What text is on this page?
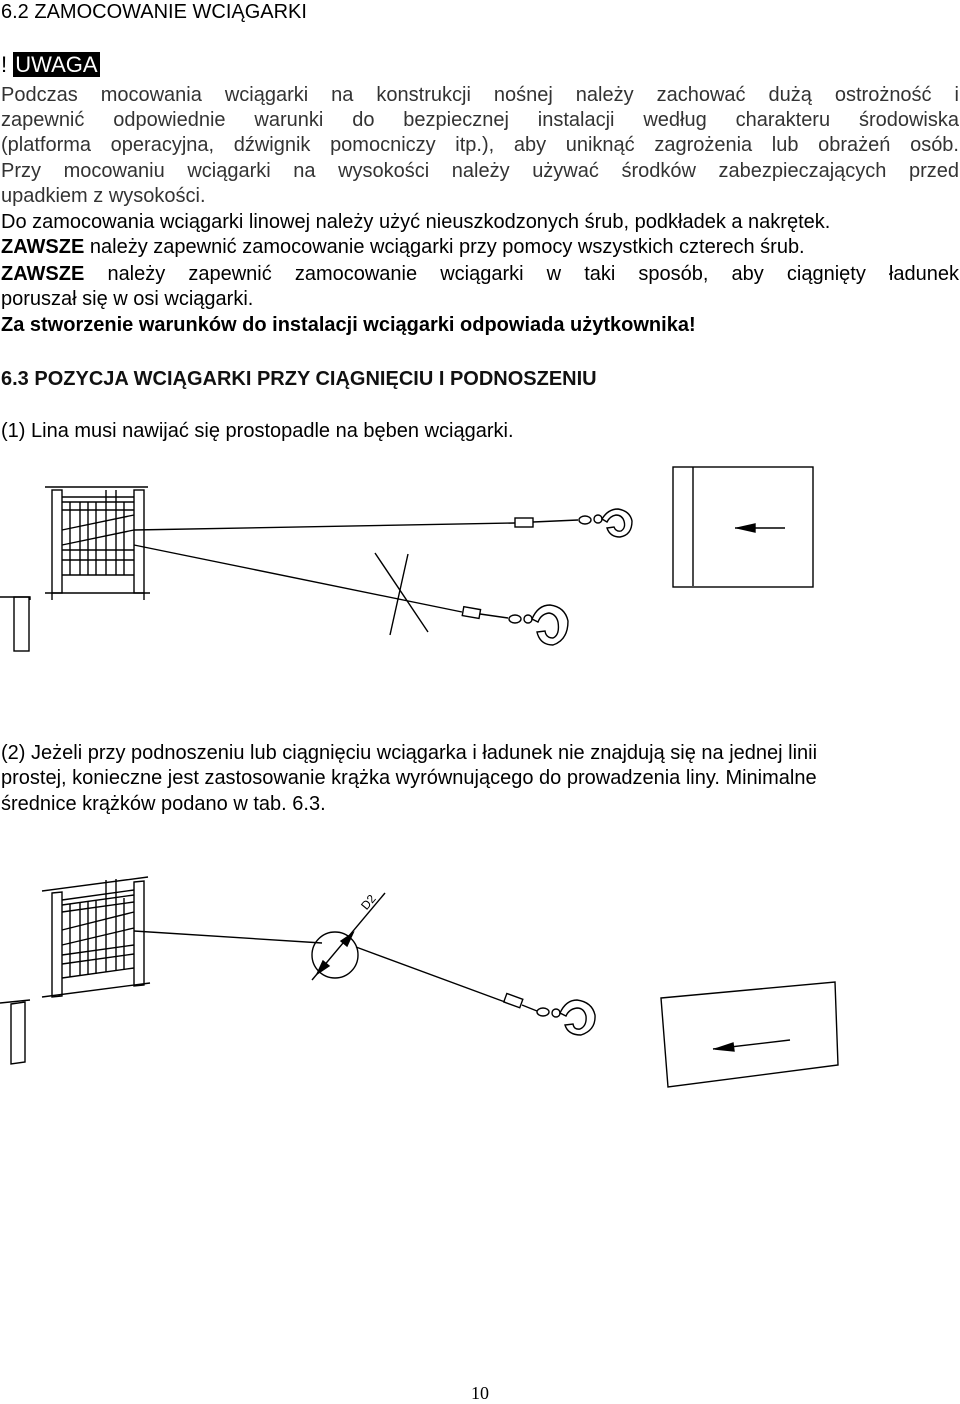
6.2 ZAMOCOWANIE WCIĄGARKI
! UWAGA
Podczas mocowania wciągarki na konstrukcji nośnej należy zachować dużą ostrożność i
zapewnić odpowiednie warunki do bezpiecznej instalacji według charakteru środowiska
(platforma operacyjna, dźwignik pomocniczy itp.), aby uniknąć zagrożenia lub obrażeń osób.
Przy mocowaniu wciągarki na wysokości należy używać środków zabezpieczających przed
upadkiem z wysokości.
Do zamocowania wciągarki linowej należy użyć nieuszkodzonych śrub, podkładek a nakrętek.
ZAWSZE należy zapewnić zamocowanie wciągarki przy pomocy wszystkich czterech śrub.
ZAWSZE należy zapewnić zamocowanie wciągarki w taki sposób, aby ciągnięty ładunek
poruszał się w osi wciągarki.
Za stworzenie warunków do instalacji wciągarki odpowiada użytkownika!
6.3 POZYCJA WCIĄGARKI PRZY CIĄGNIĘCIU I PODNOSZENIU
(1) Lina musi nawijać się prostopadle na bęben wciągarki.
(2) Jeżeli przy podnoszeniu lub ciągnięciu wciągarka i ładunek nie znajdują się na jednej linii
prostej, konieczne jest zastosowanie krążka wyrównującego do prowadzenia liny. Minimalne
średnice krążków podano w tab. 6.3.
D2
10
